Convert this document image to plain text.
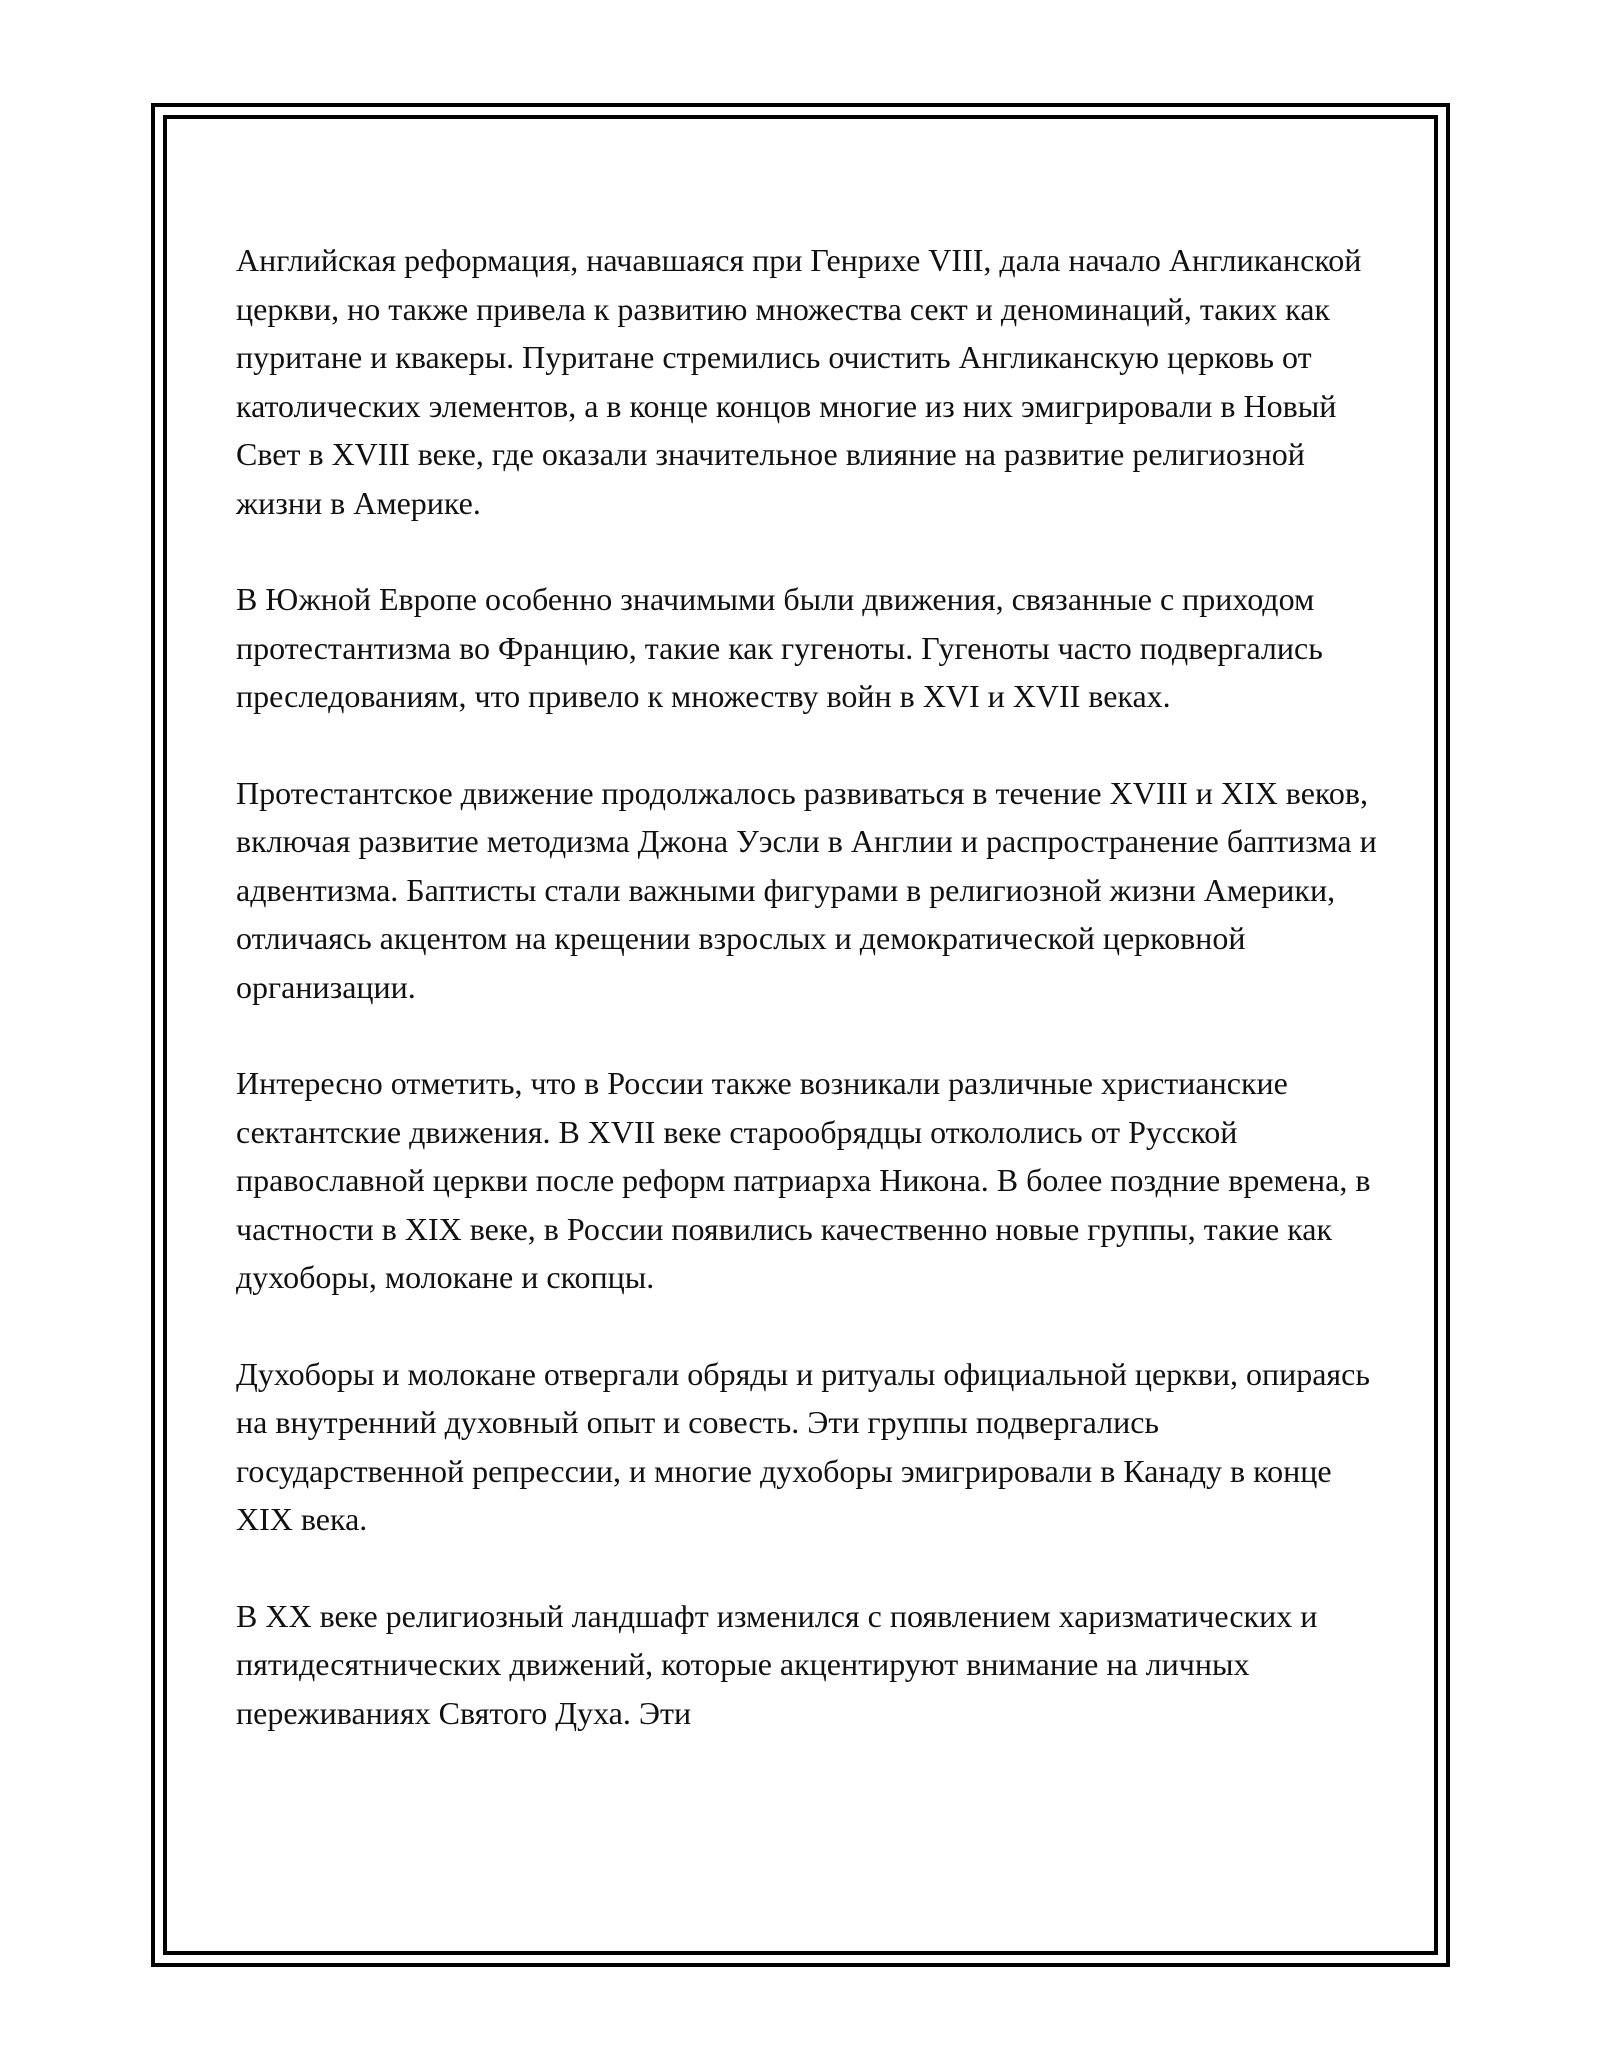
Английская реформация, начавшаяся при Генрихе VIII, дала начало Англиканской церкви, но также привела к развитию множества сект и деноминаций, таких как пуритане и квакеры. Пуритане стремились очистить Англиканскую церковь от католических элементов, а в конце концов многие из них эмигрировали в Новый Свет в XVIII веке, где оказали значительное влияние на развитие религиозной жизни в Америке.

В Южной Европе особенно значимыми были движения, связанные с приходом протестантизма во Францию, такие как гугеноты. Гугеноты часто подвергались преследованиям, что привело к множеству войн в XVI и XVII веках.

Протестантское движение продолжалось развиваться в течение XVIII и XIX веков, включая развитие методизма Джона Уэсли в Англии и распространение баптизма и адвентизма. Баптисты стали важными фигурами в религиозной жизни Америки, отличаясь акцентом на крещении взрослых и демократической церковной организации.

Интересно отметить, что в России также возникали различные христианские сектантские движения. В XVII веке старообрядцы откололись от Русской православной церкви после реформ патриарха Никона. В более поздние времена, в частности в XIX веке, в России появились качественно новые группы, такие как духоборы, молокане и скопцы.

Духоборы и молокане отвергали обряды и ритуалы официальной церкви, опираясь на внутренний духовный опыт и совесть. Эти группы подвергались государственной репрессии, и многие духоборы эмигрировали в Канаду в конце XIX века.

В XX веке религиозный ландшафт изменился с появлением харизматических и пятидесятнических движений, которые акцентируют внимание на личных переживаниях Святого Духа. Эти
